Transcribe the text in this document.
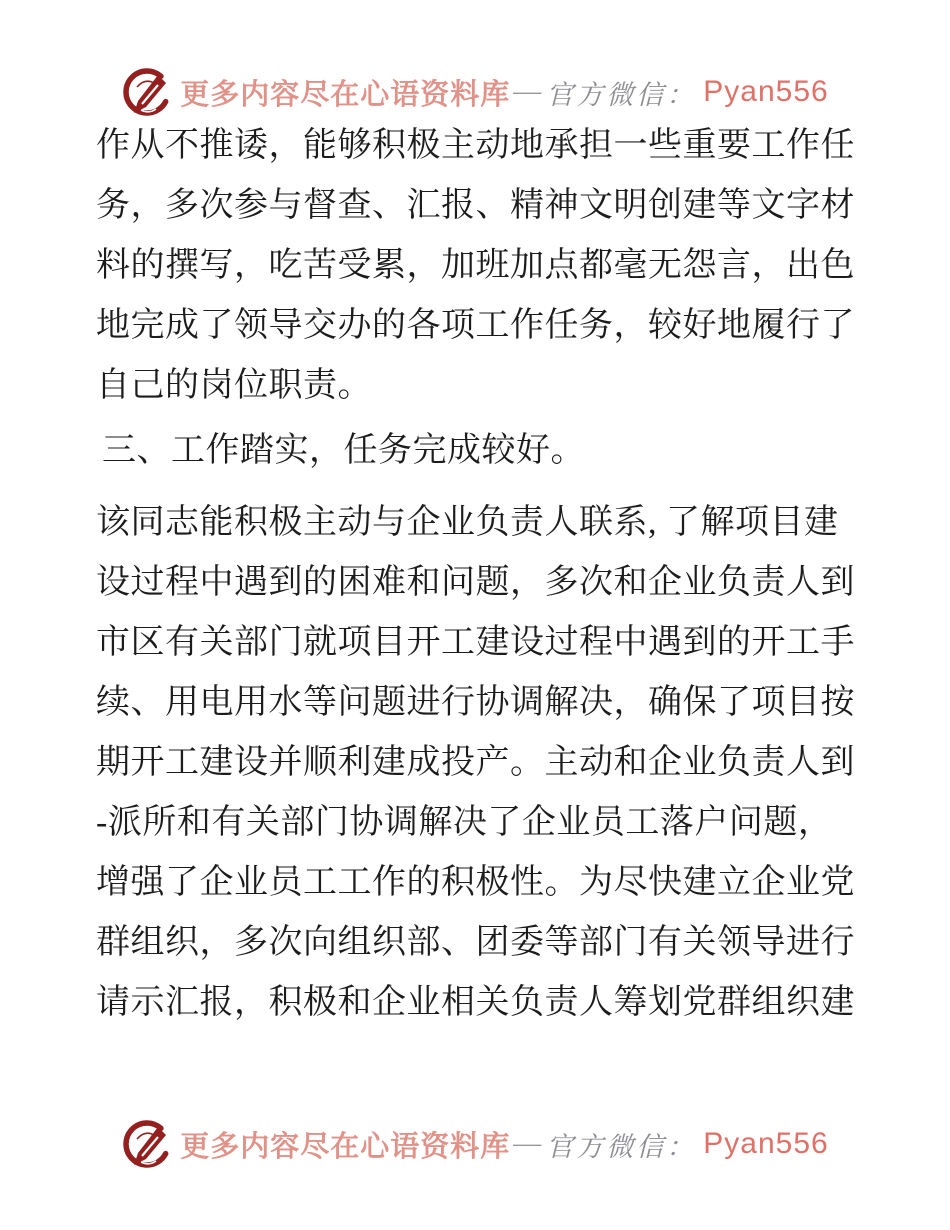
更多内容尽在心语资料库 — 官方微信： Pyan556
作从不推诿，能够积极主动地承担一些重要工作任
务，多次参与督查、汇报、精神文明创建等文字材
料的撰写，吃苦受累，加班加点都毫无怨言，出色
地完成了领导交办的各项工作任务，较好地履行了
自己的岗位职责。
三、工作踏实，任务完成较好。
该同志能积极主动与企业负责人联系, 了解项目建
设过程中遇到的困难和问题，多次和企业负责人到
市区有关部门就项目开工建设过程中遇到的开工手
续、用电用水等问题进行协调解决，确保了项目按
期开工建设并顺利建成投产。主动和企业负责人到
-派所和有关部门协调解决了企业员工落户问题，
增强了企业员工工作的积极性。为尽快建立企业党
群组织，多次向组织部、团委等部门有关领导进行
请示汇报，积极和企业相关负责人筹划党群组织建
更多内容尽在心语资料库 — 官方微信： Pyan556
